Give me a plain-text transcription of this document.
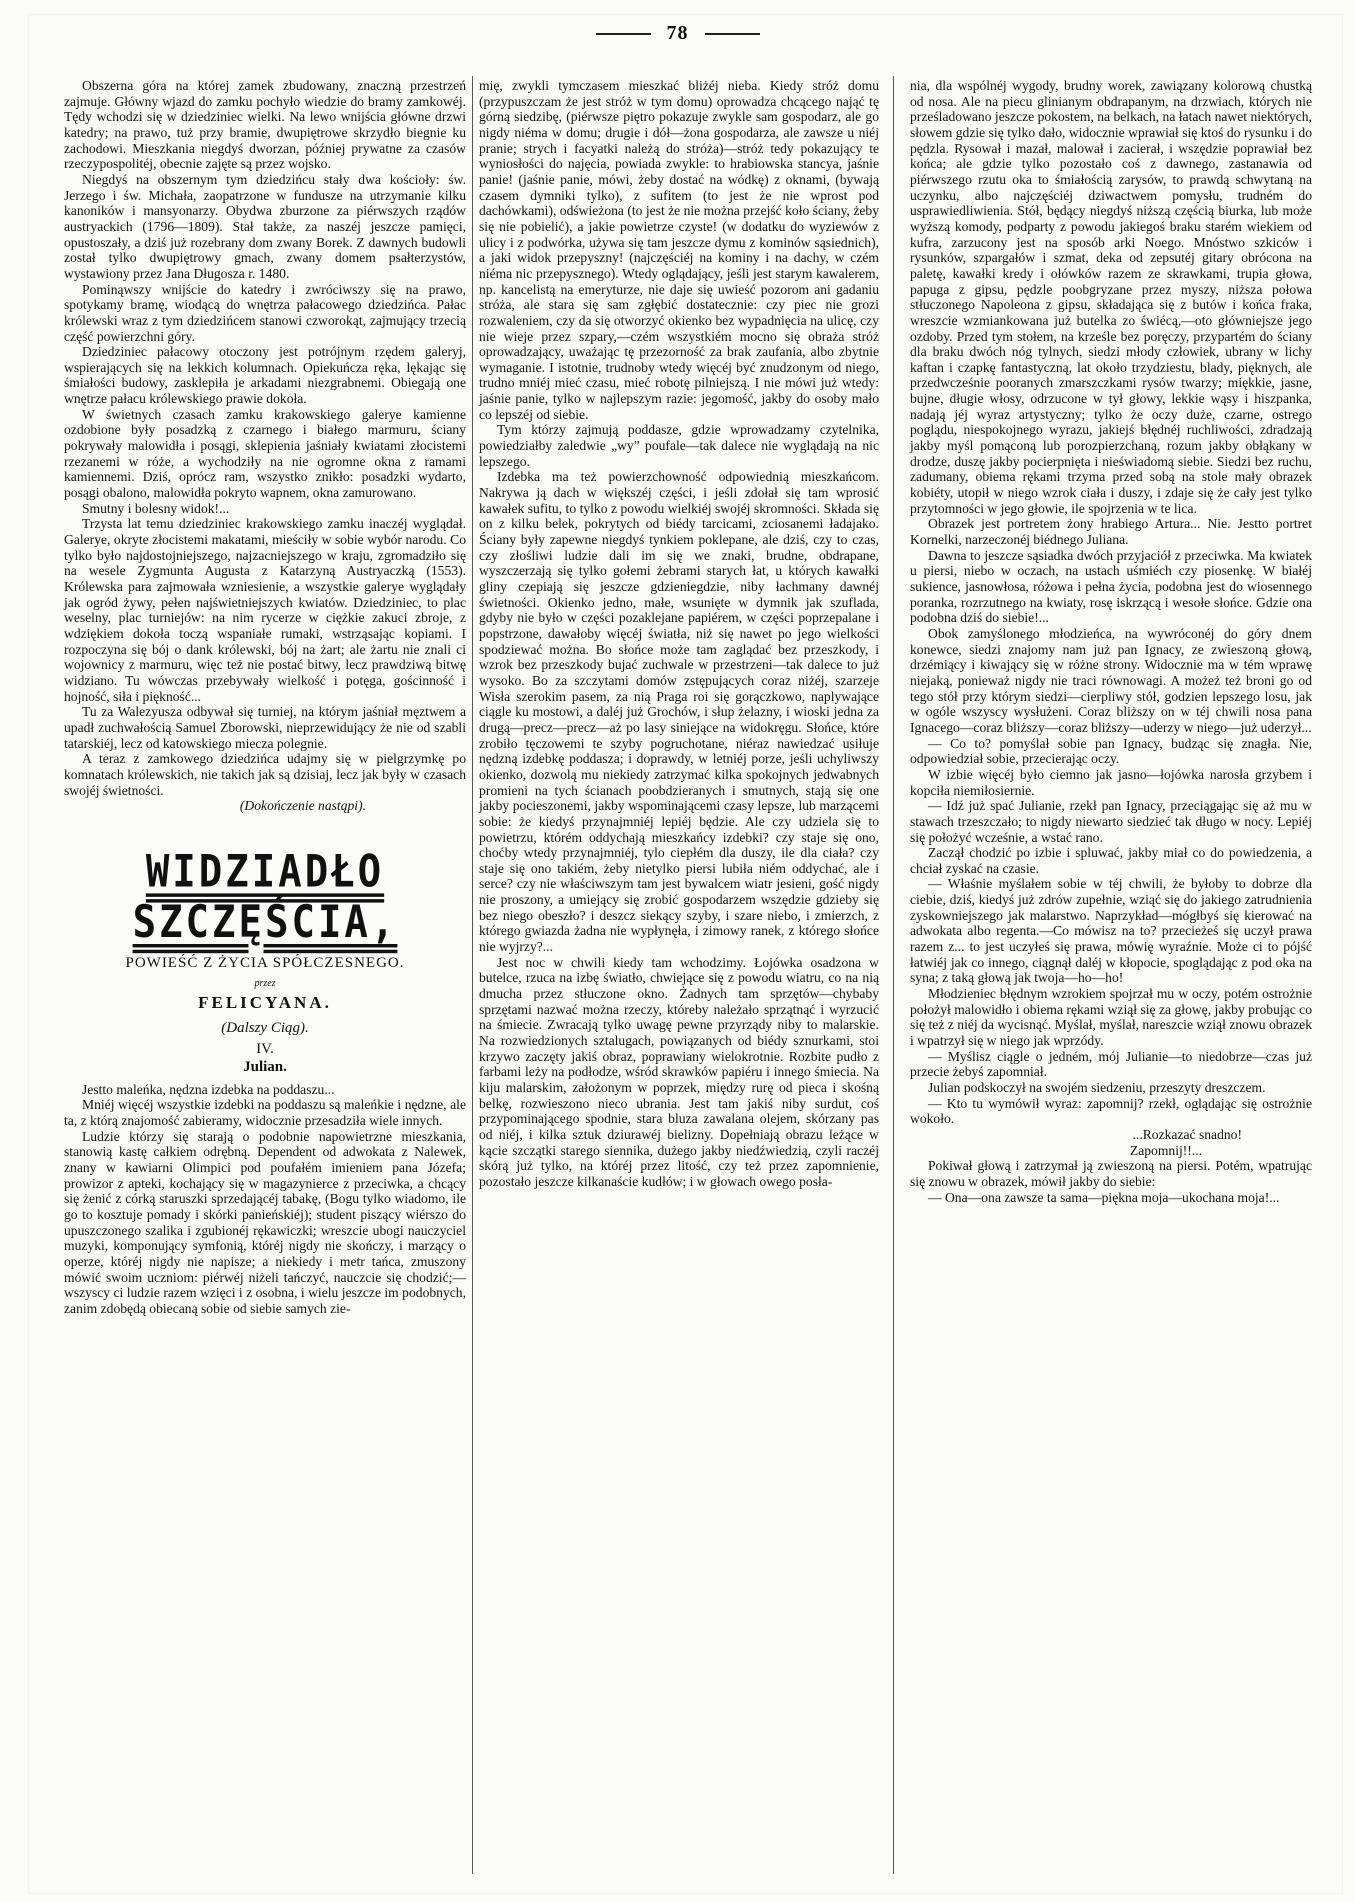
78

Obszerna góra na której zamek zbudowany, znaczną przestrzeń zajmuje. Główny wjazd do zamku pochyło wiedzie do bramy zamkowéj. Tędy wchodzi się w dziedziniec wielki. Na lewo wnijścia główne drzwi katedry; na prawo, tuż przy bramie, dwupiętrowe skrzydło biegnie ku zachodowi. Mieszkania niegdyś dworzan, później prywatne za czasów rzeczypospolitéj, obecnie zajęte są przez wojsko.

Niegdyś na obszernym tym dziedzińcu stały dwa kościoły: św. Jerzego i św. Michała, zaopatrzone w fundusze na utrzymanie kilku kanoników i mansyonarzy. Obydwa zburzone za piérwszych rządów austryackich (1796—1809). Stał także, za naszéj jeszcze pamięci, opustoszały, a dziś już rozebrany dom zwany Borek. Z dawnych budowli został tylko dwupiętrowy gmach, zwany domem psałterzystów, wystawiony przez Jana Długosza r. 1480.

Pominąwszy wnijście do katedry i zwróciwszy się na prawo, spotykamy bramę, wiodącą do wnętrza pałacowego dziedzińca. Pałac królewski wraz z tym dziedzińcem stanowi czworokąt, zajmujący trzecią część powierzchni góry.

Dziedziniec pałacowy otoczony jest potrójnym rzędem galeryj, wspierających się na lekkich kolumnach. Opiekuńcza ręka, lękając się śmiałości budowy, zasklepiła je arkadami niezgrabnemi. Obiegają one wnętrze pałacu królewskiego prawie dokoła.

W świetnych czasach zamku krakowskiego galerye kamienne ozdobione były posadzką z czarnego i białego marmuru, ściany pokrywały malowidła i posągi, sklepienia jaśniały kwiatami złocistemi rzezanemi w róże, a wychodziły na nie ogromne okna z ramami kamiennemi. Dziś, oprócz ram, wszystko znikło: posadzki wydarto, posągi obalono, malowidła pokryto wapnem, okna zamurowano.

Smutny i bolesny widok!...

Trzysta lat temu dziedziniec krakowskiego zamku inaczéj wyglądał. Galerye, okryte złocistemi makatami, mieściły w sobie wybór narodu. Co tylko było najdostojniejszego, najzacniejszego w kraju, zgromadziło się na wesele Zygmunta Augusta z Katarzyną Austryaczką (1553). Królewska para zajmowała wzniesienie, a wszystkie galerye wyglądały jak ogród żywy, pełen najświetniejszych kwiatów. Dziedziniec, to plac weselny, plac turniejów: na nim rycerze w ciężkie zakuci zbroje, z wdziękiem dokoła toczą wspaniałe rumaki, wstrząsając kopiami. I rozpoczyna się bój o dank królewski, bój na żart; ale żartu nie znali ci wojownicy z marmuru, więc też nie postać bitwy, lecz prawdziwą bitwę widziano. Tu wówczas przebywały wielkość i potęga, gościnność i hojność, siła i piękność...

Tu za Walezyusza odbywał się turniej, na którym jaśniał męztwem a upadł zuchwałością Samuel Zborowski, nieprzewidujący że nie od szabli tatarskiéj, lecz od katowskiego miecza polegnie.

A teraz z zamkowego dziedzińca udajmy się w pielgrzymkę po komnatach królewskich, nie takich jak są dzisiaj, lecz jak były w czasach swojéj świetności.

(Dokończenie nastąpi).

WIDZIADŁO SZCZĘŚCIA,
POWIEŚĆ Z ŻYCIA SPÓŁCZESNEGO.
przez
FELICYANA.
(Dalszy Ciąg).
IV.
Julian.

Jestto maleńka, nędzna izdebka na poddaszu...

Mniéj więcéj wszystkie izdebki na poddaszu są maleńkie i nędzne, ale ta, z którą znajomość zabieramy, widocznie przesadziła wiele innych.

Ludzie którzy się starają o podobnie napowietrzne mieszkania, stanowią kastę całkiem odrębną. Dependent od adwokata z Nalewek, znany w kawiarni Olimpici pod poufałém imieniem pana Józefa; prowizor z apteki, kochający się w magazynierce z przeciwka, a chcący się żenić z córką staruszki sprzedającéj tabakę, (Bogu tylko wiadomo, ile go to kosztuje pomady i skórki panieńskiéj); student piszący wiérszo do upuszczonego szalika i zgubionéj rękawiczki; wreszcie ubogi nauczyciel muzyki, komponujący symfonią, któréj nigdy nie skończy, i marzący o operze, któréj nigdy nie napisze; a niekiedy i metr tańca, zmuszony mówić swoim uczniom: piérwéj niżeli tańczyć, nauczcie się chodzić;—wszyscy ci ludzie razem wzięci i z osobna, i wielu jeszcze im podobnych, zanim zdobędą obiecaną sobie od siebie samych zie-

mię, zwykli tymczasem mieszkać bliżéj nieba. Kiedy stróż domu (przypuszczam że jest stróż w tym domu) oprowadza chcącego nająć tę górną siedzibę, (piérwsze piętro pokazuje zwykle sam gospodarz, ale go nigdy niéma w domu; drugie i dół—żona gospodarza, ale zawsze u niéj pranie; strych i facyatki należą do stróża)—stróż tedy pokazujący te wyniosłości do najęcia, powiada zwykle: to hrabiowska stancya, jaśnie panie! (jaśnie panie, mówi, żeby dostać na wódkę) z oknami, (bywają czasem dymniki tylko), z sufitem (to jest że nie wprost pod dachówkami), odświeżona (to jest że nie można przejść koło ściany, żeby się nie pobielić), a jakie powietrze czyste! (w dodatku do wyziewów z ulicy i z podwórka, używa się tam jeszcze dymu z kominów sąsiednich), a jaki widok przepyszny! (najczęściéj na kominy i na dachy, w czém niéma nic przepysznego). Wtedy oglądający, jeśli jest starym kawalerem, np. kancelistą na emeryturze, nie daje się uwieść pozorom ani gadaniu stróża, ale stara się sam zgłębić dostatecznie: czy piec nie grozi rozwaleniem, czy da się otworzyć okienko bez wypadnięcia na ulicę, czy nie wieje przez szpary,—czém wszystkiém mocno się obraża stróż oprowadzający, uważając tę przezorność za brak zaufania, albo zbytnie wymaganie. I istotnie, trudnoby wtedy więcéj być znudzonym od niego, trudno mniéj mieć czasu, mieć robotę pilniejszą. I nie mówi już wtedy: jaśnie panie, tylko w najlepszym razie: jegomość, jakby do osoby mało co lepszéj od siebie.

Tym którzy zajmują poddasze, gdzie wprowadzamy czytelnika, powiedziałby zaledwie „wy” poufale—tak dalece nie wyglądają na nic lepszego.

Izdebka ma też powierzchowność odpowiednią mieszkańcom. Nakrywa ją dach w większéj części, i jeśli zdołał się tam wprosić kawałek sufitu, to tylko z powodu wielkiéj swojéj skromności. Składa się on z kilku belek, pokrytych od biédy tarcicami, zciosanemi ładajako. Ściany były zapewne niegdyś tynkiem poklepane, ale dziś, czy to czas, czy złośliwi ludzie dali im się we znaki, brudne, obdrapane, wyszczerzają się tylko gołemi żebrami starych łat, u których kawałki gliny czepiają się jeszcze gdzieniegdzie, niby łachmany dawnéj świetności. Okienko jedno, małe, wsunięte w dymnik jak szuflada, gdyby nie było w części pozaklejane papiérem, w części poprzepalane i popstrzone, dawałoby więcéj światła, niż się nawet po jego wielkości spodziewać można. Bo słońce może tam zaglądać bez przeszkody, i wzrok bez przeszkody bujać zuchwale w przestrzeni—tak dalece to już wysoko. Bo za szczytami domów zstępujących coraz niżéj, szarzeje Wisła szerokim pasem, za nią Praga roi się gorączkowo, naplywające ciągle ku mostowi, a daléj już Grochów, i słup żelazny, i wioski jedna za drugą—precz—precz—aż po lasy siniejące na widokręgu. Słońce, które zrobiło tęczowemi te szyby pogruchotane, niéraz nawiedzać usiłuje nędzną izdebkę poddasza; i doprawdy, w letniéj porze, jeśli uchyliwszy okienko, dozwolą mu niekiedy zatrzymać kilka spokojnych jedwabnych promieni na tych ścianach poobdzieranych i smutnych, stają się one jakby pocieszonemi, jakby wspominającemi czasy lepsze, lub marzącemi sobie: że kiedyś przynajmniéj lepiéj będzie. Ale czy udziela się to powietrzu, którém oddychają mieszkańcy izdebki? czy staje się ono, choćby wtedy przynajmniéj, tylo ciepłém dla duszy, ile dla ciała? czy staje się ono takiém, żeby nietylko piersi lubiła niém oddychać, ale i serce? czy nie właściwszym tam jest bywalcem wiatr jesieni, gość nigdy nie proszony, a umiejący się zrobić gospodarzem wszędzie gdzieby się bez niego obeszło? i deszcz siekący szyby, i szare niebo, i zmierzch, z którego gwiazda żadna nie wypłynęła, i zimowy ranek, z którego słońce nie wyjrzy?...

Jest noc w chwili kiedy tam wchodzimy. Łojówka osadzona w butelce, rzuca na izbę światło, chwiejące się z powodu wiatru, co na nią dmucha przez stłuczone okno. Żadnych tam sprzętów—chybaby sprzętami nazwać można rzeczy, któreby należało sprzątnąć i wyrzucić na śmiecie. Zwracają tylko uwagę pewne przyrządy niby to malarskie. Na rozwiedzionych sztalugach, powiązanych od biédy sznurkami, stoi krzywo zaczęty jakiś obraz, poprawiany wielokrotnie. Rozbite pudło z farbami leży na podłodze, wśród skrawków papiéru i innego śmiecia. Na kiju malarskim, założonym w poprzek, między rurę od pieca i skośną belkę, rozwieszono nieco ubrania. Jest tam jakiś niby surdut, coś przypominającego spodnie, stara bluza zawalana olejem, skórzany pas od niéj, i kilka sztuk dziurawéj bielizny. Dopełniają obrazu leżące w kącie szczątki starego siennika, dużego jakby niedźwiedzią, czyli raczéj skórą już tylko, na któréj przez litość, czy też przez zapomnienie, pozostało jeszcze kilkanaście kudłów; i w głowach owego posła-

nia, dla wspólnéj wygody, brudny worek, zawiązany kolorową chustką od nosa. Ale na piecu glinianym obdrapanym, na drzwiach, których nie prześladowano jeszcze pokostem, na belkach, na łatach nawet niektórych, słowem gdzie się tylko dało, widocznie wprawiał się ktoś do rysunku i do pędzla. Rysował i mazał, malował i zacierał, i wszędzie poprawiał bez końca; ale gdzie tylko pozostało coś z dawnego, zastanawia od piérwszego rzutu oka to śmiałością zarysów, to prawdą schwytaną na uczynku, albo najczęściéj dziwactwem pomysłu, trudném do usprawiedliwienia. Stół, będący niegdyś niższą częścią biurka, lub może wyższą komody, podparty z powodu jakiegoś braku starém wiekiem od kufra, zarzucony jest na sposób arki Noego. Mnóstwo szkiców i rysunków, szpargałów i szmat, deka od zepsutéj gitary obrócona na paletę, kawałki kredy i ołówków razem ze skrawkami, trupia głowa, papuga z gipsu, pędzle poobgryzane przez myszy, niższa połowa stłuczonego Napoleona z gipsu, składająca się z butów i końca fraka, wreszcie wzmiankowana już butelka zo świécą,—oto główniejsze jego ozdoby. Przed tym stołem, na krześle bez poręczy, przypartém do ściany dla braku dwóch nóg tylnych, siedzi młody człowiek, ubrany w lichy kaftan i czapkę fantastyczną, lat około trzydziestu, blady, pięknych, ale przedwcześnie pooranych zmarszczkami rysów twarzy; miękkie, jasne, bujne, długie włosy, odrzucone w tył głowy, lekkie wąsy i hiszpanka, nadają jéj wyraz artystyczny; tylko że oczy duże, czarne, ostrego poglądu, niespokojnego wyrazu, jakiejś błędnéj ruchliwości, zdradzają jakby myśl pomąconą lub porozpierzchaną, rozum jakby obłąkany w drodze, duszę jakby pocierpnięta i nieświadomą siebie. Siedzi bez ruchu, zadumany, obiema rękami trzyma przed sobą na stole mały obrazek kobiéty, utopił w niego wzrok ciała i duszy, i zdaje się że cały jest tylko przytomności w jego głowie, ile spojrzenia w te lica.

Obrazek jest portretem żony hrabiego Artura... Nie. Jestto portret Kornelki, narzeczonéj biédnego Juliana.

Dawna to jeszcze sąsiadka dwóch przyjaciół z przeciwka. Ma kwiatek u piersi, niebo w oczach, na ustach uśmiéch czy piosenkę. W białéj sukience, jasnowłosa, różowa i pełna życia, podobna jest do wiosennego poranka, rozrzutnego na kwiaty, rosę iskrzącą i wesołe słońce. Gdzie ona podobna dziś do siebie!...

Obok zamyślonego młodzieńca, na wywróconéj do góry dnem konewce, siedzi znajomy nam już pan Ignacy, ze zwieszoną głową, drzémiący i kiwający się w różne strony. Widocznie ma w tém wprawę niejaką, ponieważ nigdy nie traci równowagi. A możeż też broni go od tego stół przy którym siedzi—cierpliwy stół, godzien lepszego losu, jak w ogóle wszyscy wysłużeni. Coraz bliższy on w téj chwili nosa pana Ignacego—coraz bliższy—coraz bliższy—uderzy w niego—już uderzył...

— Co to? pomyślał sobie pan Ignacy, budząc się znagła. Nie, odpowiedział sobie, przecierając oczy.

W izbie więcéj było ciemno jak jasno—łojówka narosła grzybem i kopciła niemiłosiernie.

— Idź już spać Julianie, rzekł pan Ignacy, przeciągając się aż mu w stawach trzeszczało; to nigdy niewarto siedzieć tak długo w nocy. Lepiéj się położyć wcześnie, a wstać rano.

Zaczął chodzić po izbie i spluwać, jakby miał co do powiedzenia, a chciał zyskać na czasie.

— Właśnie myślałem sobie w téj chwili, że byłoby to dobrze dla ciebie, dziś, kiedyś już zdrów zupełnie, wziąć się do jakiego zatrudnienia zyskowniejszego jak malarstwo. Naprzykład—mógłbyś się kierować na adwokata albo regenta.—Co mówisz na to? przecieżeś się uczył prawa razem z... to jest uczyłeś się prawa, mówię wyraźnie. Może ci to pójść łatwiéj jak co innego, ciągnął daléj w kłopocie, spoglądając z pod oka na syna; z taką głową jak twoja—ho—ho!

Młodzieniec błędnym wzrokiem spojrzał mu w oczy, potém ostrożnie położył malowidło i obiema rękami wziął się za głowę, jakby probując co się też z niéj da wycisnąć. Myślał, myślał, nareszcie wziął znowu obrazek i wpatrzył się w niego jak wprzódy.

— Myślisz ciągle o jedném, mój Julianie—to niedobrze—czas już przecie żebyś zapomniał.

Julian podskoczył na swojém siedzeniu, przeszyty dreszczem.

— Kto tu wymówił wyraz: zapomnij? rzekł, oglądając się ostrożnie wokoło.

...Rozkazać snadno!

Zapomnij!!...

Pokiwał głową i zatrzymał ją zwieszoną na piersi. Potém, wpatrując się znowu w obrazek, mówił jakby do siebie:

— Ona—ona zawsze ta sama—piękna moja—ukochana moja!...
